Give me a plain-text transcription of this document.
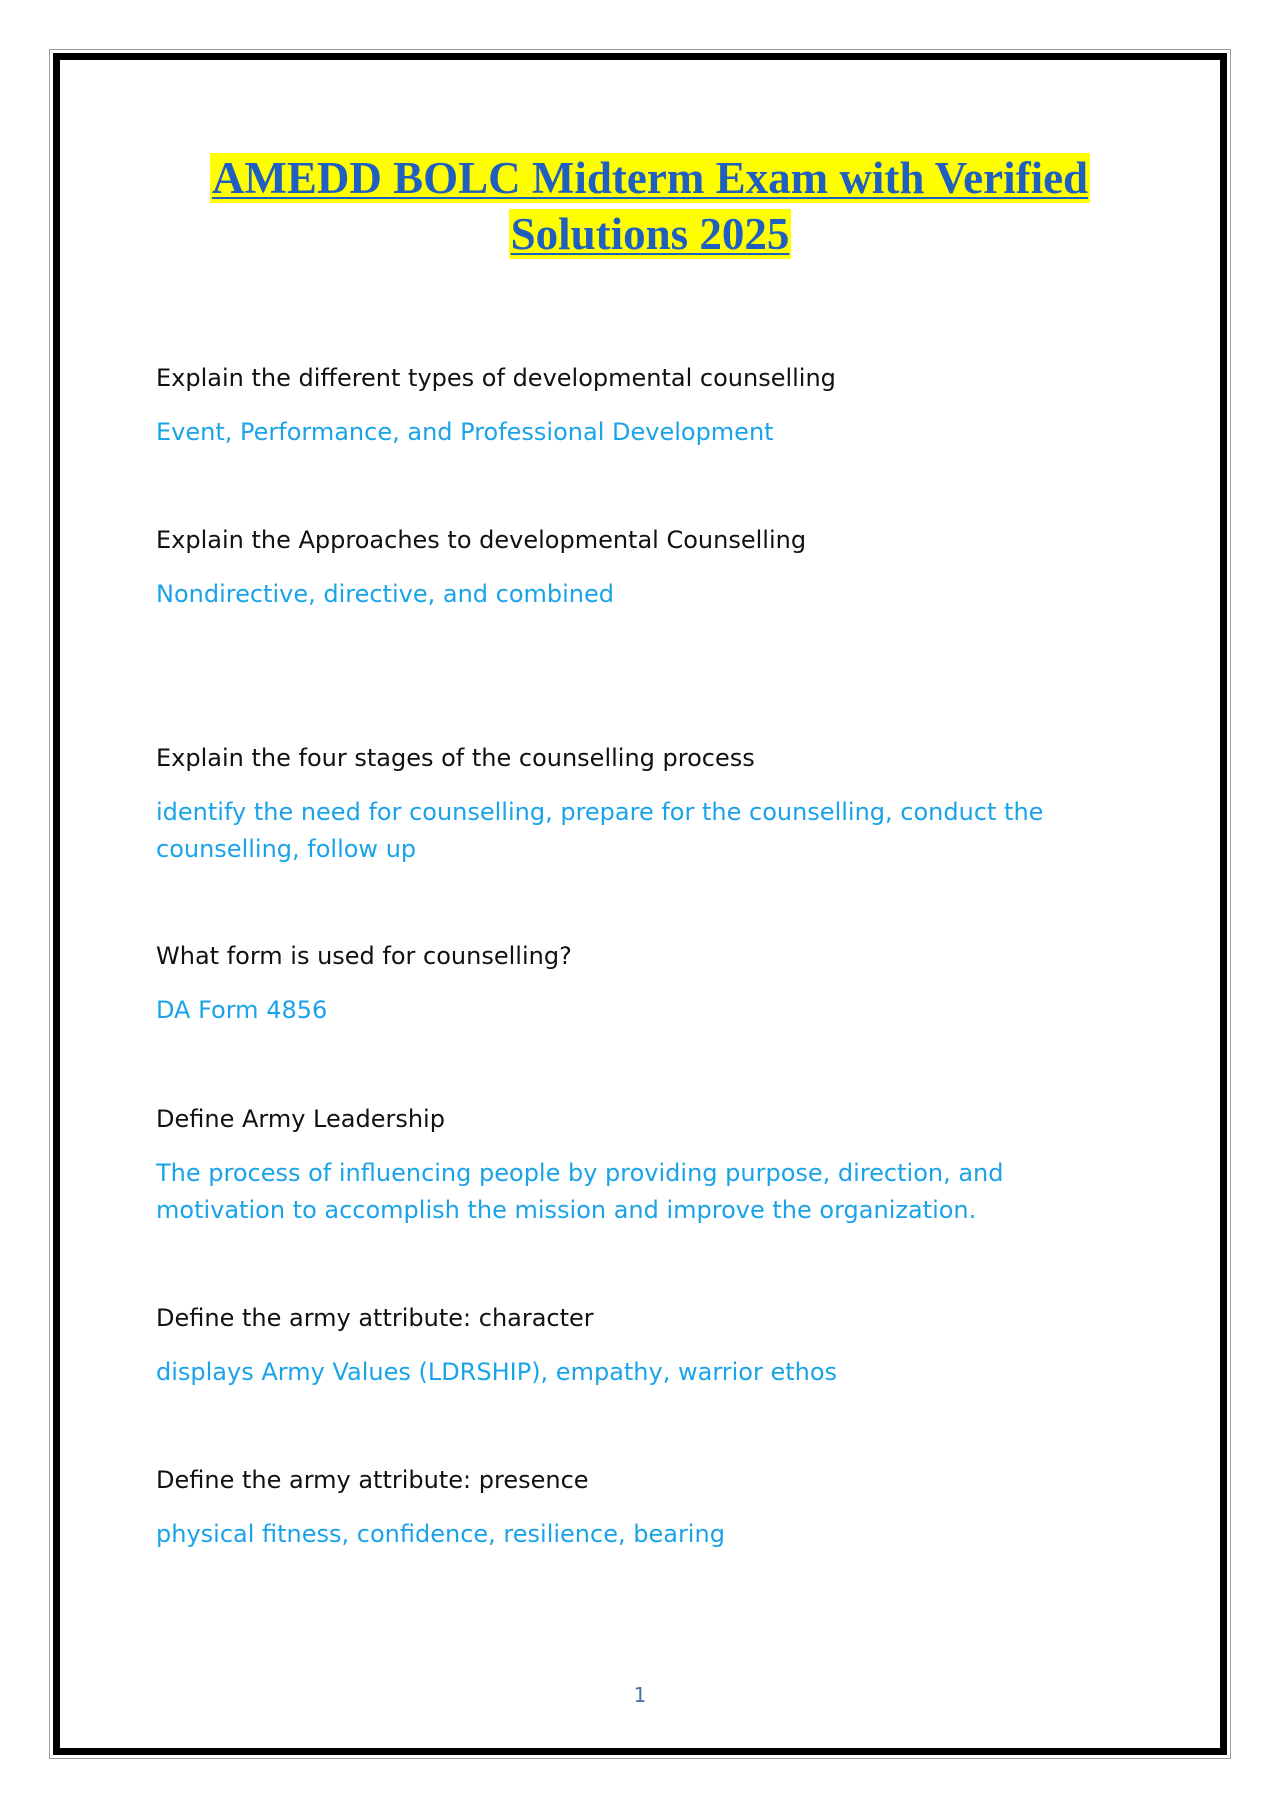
AMEDD BOLC Midterm Exam with Verified
Solutions 2025

Explain the different types of developmental counselling

Event, Performance, and Professional Development

Explain the Approaches to developmental Counselling

Nondirective, directive, and combined

Explain the four stages of the counselling process

identify the need for counselling, prepare for the counselling, conduct the counselling, follow up

What form is used for counselling?

DA Form 4856

Define Army Leadership

The process of influencing people by providing purpose, direction, and motivation to accomplish the mission and improve the organization.

Define the army attribute: character

displays Army Values (LDRSHIP), empathy, warrior ethos

Define the army attribute: presence

physical fitness, confidence, resilience, bearing

1
